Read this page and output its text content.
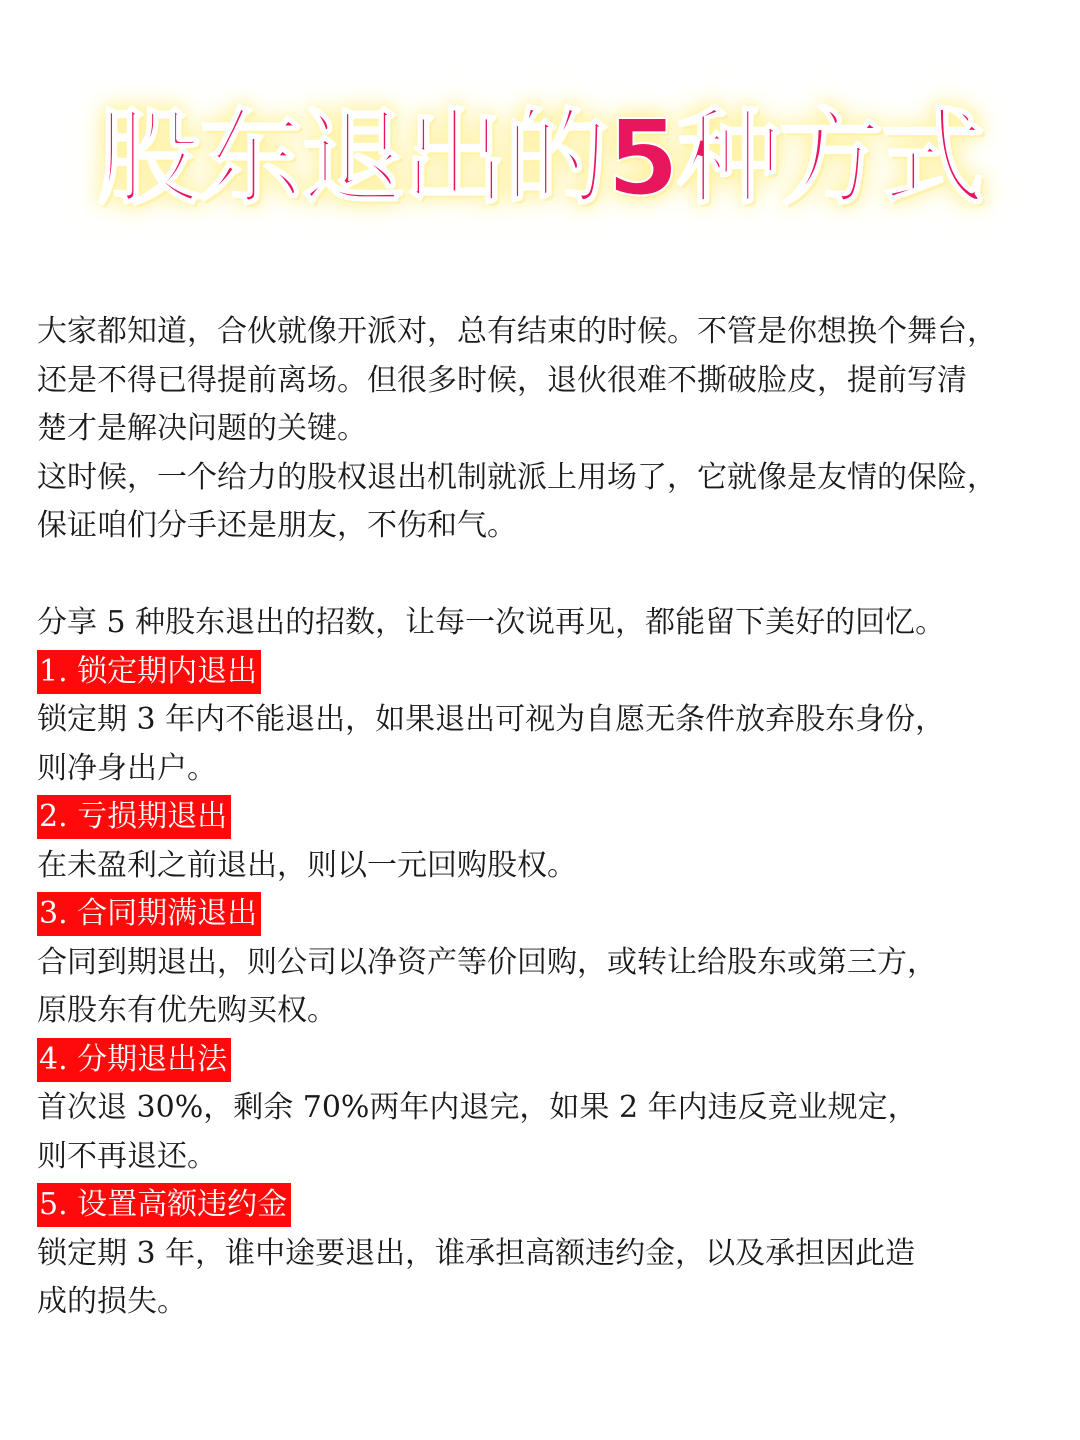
股东退出的5种方式

大家都知道，合伙就像开派对，总有结束的时候。不管是你想换个舞台，
还是不得已得提前离场。但很多时候，退伙很难不撕破脸皮，提前写清
楚才是解决问题的关键。

这时候，一个给力的股权退出机制就派上用场了，它就像是友情的保险，
保证咱们分手还是朋友，不伤和气。

分享 5 种股东退出的招数，让每一次说再见，都能留下美好的回忆。

1. 锁定期内退出
锁定期 3 年内不能退出，如果退出可视为自愿无条件放弃股东身份，
则净身出户。
2. 亏损期退出
在未盈利之前退出，则以一元回购股权。
3. 合同期满退出
合同到期退出，则公司以净资产等价回购，或转让给股东或第三方，
原股东有优先购买权。
4. 分期退出法
首次退 30%，剩余 70%两年内退完，如果 2 年内违反竞业规定，
则不再退还。
5. 设置高额违约金
锁定期 3 年，谁中途要退出，谁承担高额违约金，以及承担因此造
成的损失。
